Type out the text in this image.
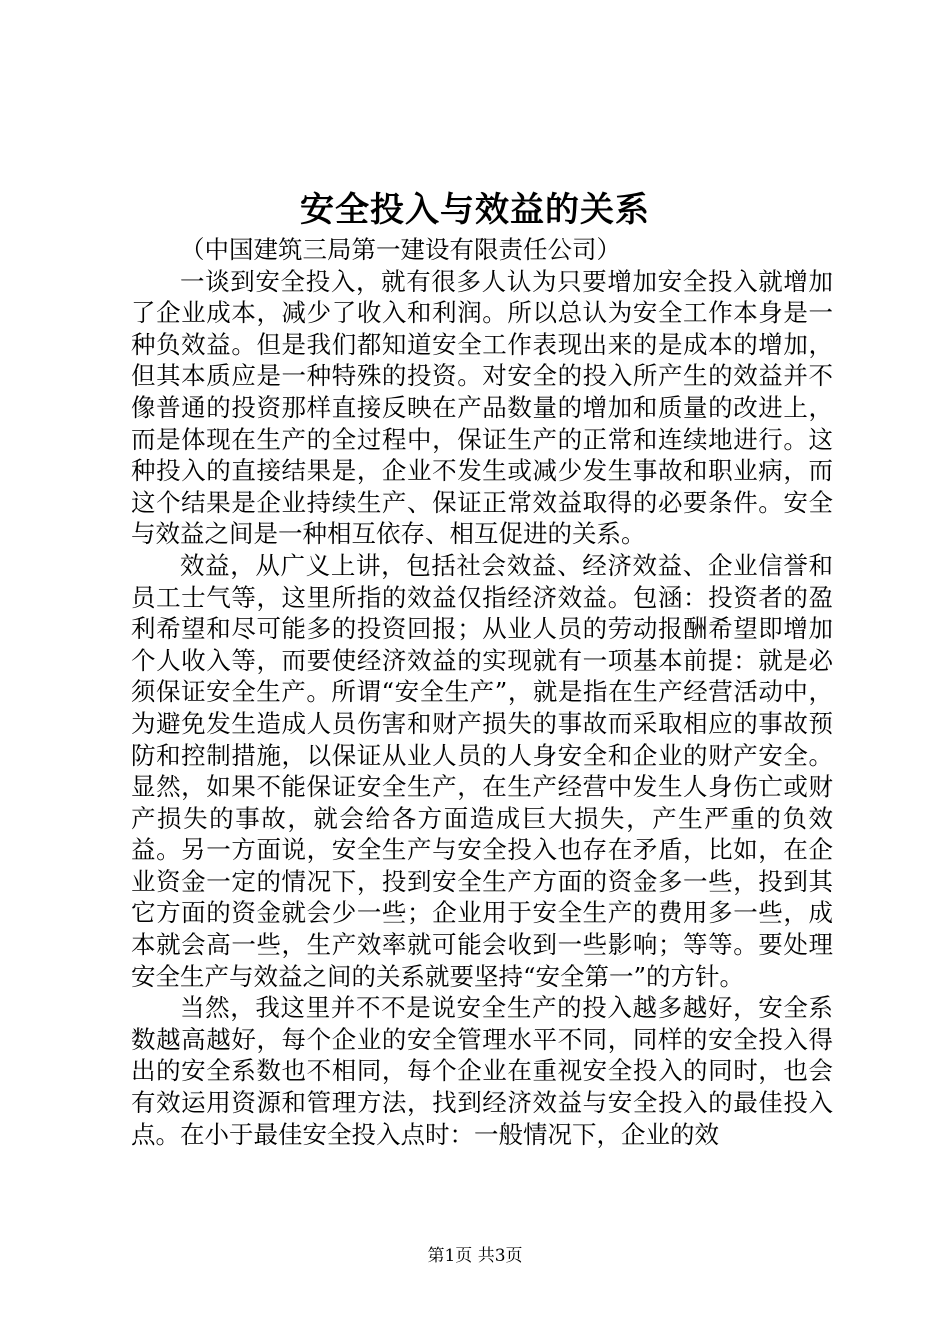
安全投入与效益的关系

（中国建筑三局第一建设有限责任公司）

一谈到安全投入，就有很多人认为只要增加安全投入就增加了企业成本，减少了收入和利润。所以总认为安全工作本身是一种负效益。但是我们都知道安全工作表现出来的是成本的增加，但其本质应是一种特殊的投资。对安全的投入所产生的效益并不像普通的投资那样直接反映在产品数量的增加和质量的改进上，而是体现在生产的全过程中，保证生产的正常和连续地进行。这种投入的直接结果是，企业不发生或减少发生事故和职业病，而这个结果是企业持续生产、保证正常效益取得的必要条件。安全与效益之间是一种相互依存、相互促进的关系。

效益，从广义上讲，包括社会效益、经济效益、企业信誉和员工士气等，这里所指的效益仅指经济效益。包涵：投资者的盈利希望和尽可能多的投资回报；从业人员的劳动报酬希望即增加个人收入等，而要使经济效益的实现就有一项基本前提：就是必须保证安全生产。所谓“安全生产”，就是指在生产经营活动中，为避免发生造成人员伤害和财产损失的事故而采取相应的事故预防和控制措施，以保证从业人员的人身安全和企业的财产安全。显然，如果不能保证安全生产，在生产经营中发生人身伤亡或财产损失的事故，就会给各方面造成巨大损失，产生严重的负效益。另一方面说，安全生产与安全投入也存在矛盾，比如，在企业资金一定的情况下，投到安全生产方面的资金多一些，投到其它方面的资金就会少一些；企业用于安全生产的费用多一些，成本就会高一些，生产效率就可能会收到一些影响；等等。要处理安全生产与效益之间的关系就要坚持“安全第一”的方针。

当然，我这里并不不是说安全生产的投入越多越好，安全系数越高越好，每个企业的安全管理水平不同，同样的安全投入得出的安全系数也不相同，每个企业在重视安全投入的同时，也会有效运用资源和管理方法，找到经济效益与安全投入的最佳投入点。在小于最佳安全投入点时：一般情况下，企业的效

第1页 共3页
